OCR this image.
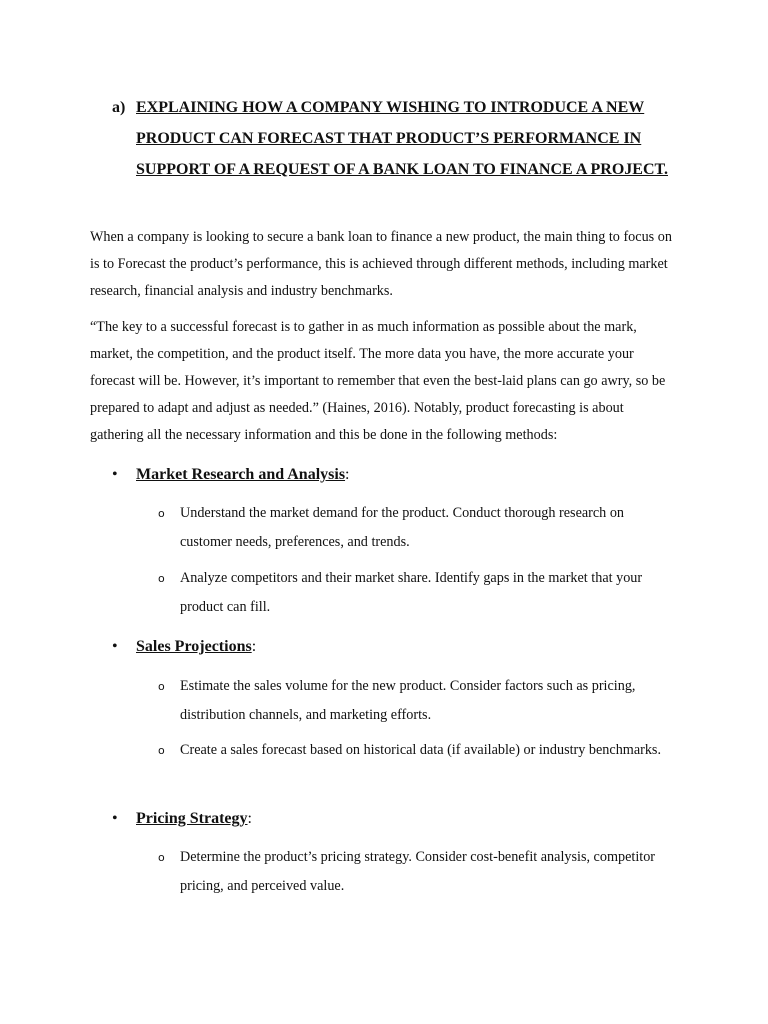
a) EXPLAINING HOW A COMPANY WISHING TO INTRODUCE A NEW PRODUCT CAN FORECAST THAT PRODUCT’S PERFORMANCE IN SUPPORT OF A REQUEST OF A BANK LOAN TO FINANCE A PROJECT.

When a company is looking to secure a bank loan to finance a new product, the main thing to focus on is to Forecast the product’s performance, this is achieved through different methods, including market research, financial analysis and industry benchmarks.

“The key to a successful forecast is to gather in as much information as possible about the mark, market, the competition, and the product itself. The more data you have, the more accurate your forecast will be. However, it’s important to remember that even the best-laid plans can go awry, so be prepared to adapt and adjust as needed.” (Haines, 2016). Notably, product forecasting is about gathering all the necessary information and this be done in the following methods:

• Market Research and Analysis:
o Understand the market demand for the product. Conduct thorough research on customer needs, preferences, and trends.

o Analyze competitors and their market share. Identify gaps in the market that your product can fill.

• Sales Projections:
o Estimate the sales volume for the new product. Consider factors such as pricing, distribution channels, and marketing efforts.

o Create a sales forecast based on historical data (if available) or industry benchmarks.

• Pricing Strategy:
o Determine the product’s pricing strategy. Consider cost-benefit analysis, competitor pricing, and perceived value.
